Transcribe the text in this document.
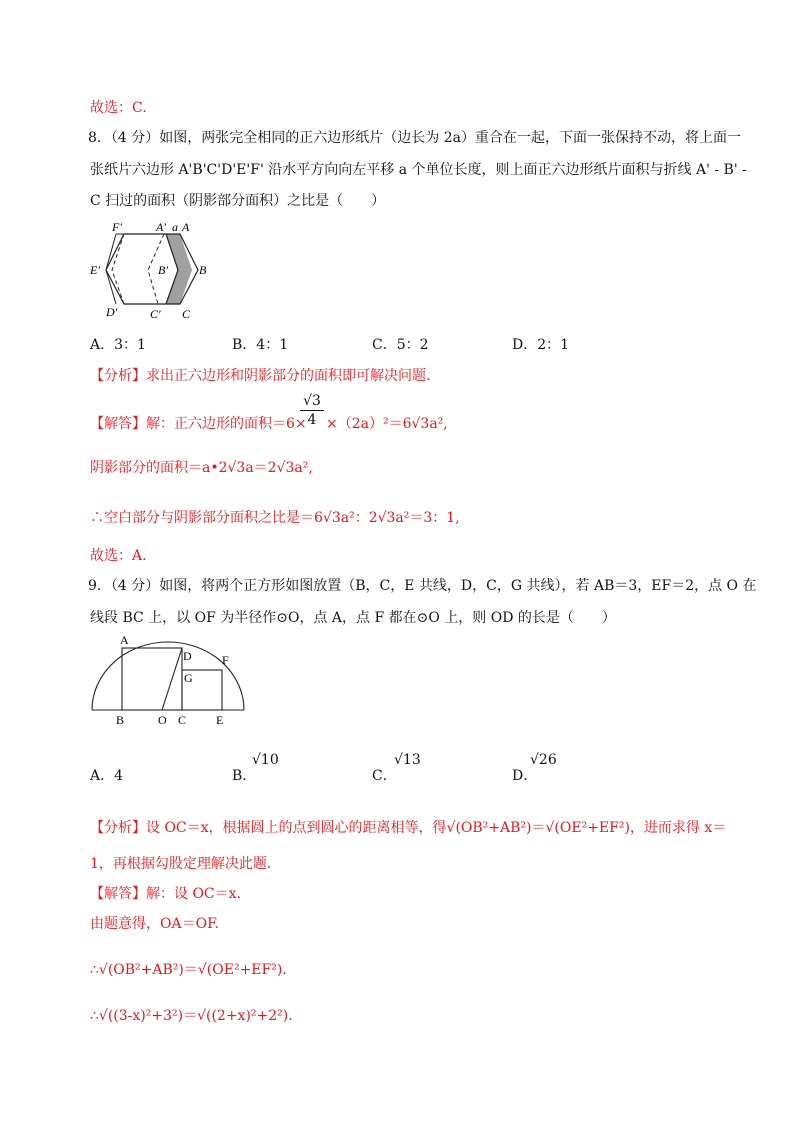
故选：C.
8．（4 分）如图，两张完全相同的正六边形纸片（边长为 2a）重合在一起，下面一张保持不动，将上面一
张纸片六边形 A'B'C'D'E'F' 沿水平方向向左平移 a 个单位长度，则上面正六边形纸片面积与折线 A' - B' -
C 扫过的面积（阴影部分面积）之比是（　　）
F′	A′ a A
E′	B′	B
D′	C′ C
A．3：1	B．4：1	C．5：2	D．2：1
【分析】求出正六边形和阴影部分的面积即可解决问题.
【解答】解：正六边形的面积＝6×
$\frac{√3}{4} \times(2a)^2=6√3a^2$,
阴影部分的面积＝a•2√3a＝2√3a²,
∴空白部分与阴影部分面积之比是＝6√3a²：2√3a²＝3：1,
故选：A.
9．（4 分）如图，将两个正方形如图放置（B，C，E 共线，D，C，G 共线），若 AB＝3，EF＝2，点 O 在
线段 BC 上，以 OF 为半径作⊙O，点 A，点 F 都在⊙O 上，则 OD 的长是（　　）
A
D	F
G
B	O C E
A．4	B．
√10
C．
√13
D．
√26
【分析】设 OC＝x，根据圆上的点到圆心的距离相等，得√(OB²+AB²)＝√(OE²+EF²)，进而求得 x＝
1，再根据勾股定理解决此题.
【解答】解：设 OC＝x.
由题意得，OA＝OF.
∴√(OB²+AB²)＝√(OE²+EF²).
∴√((3-x)²+3²)＝√((2+x)²+2²).
